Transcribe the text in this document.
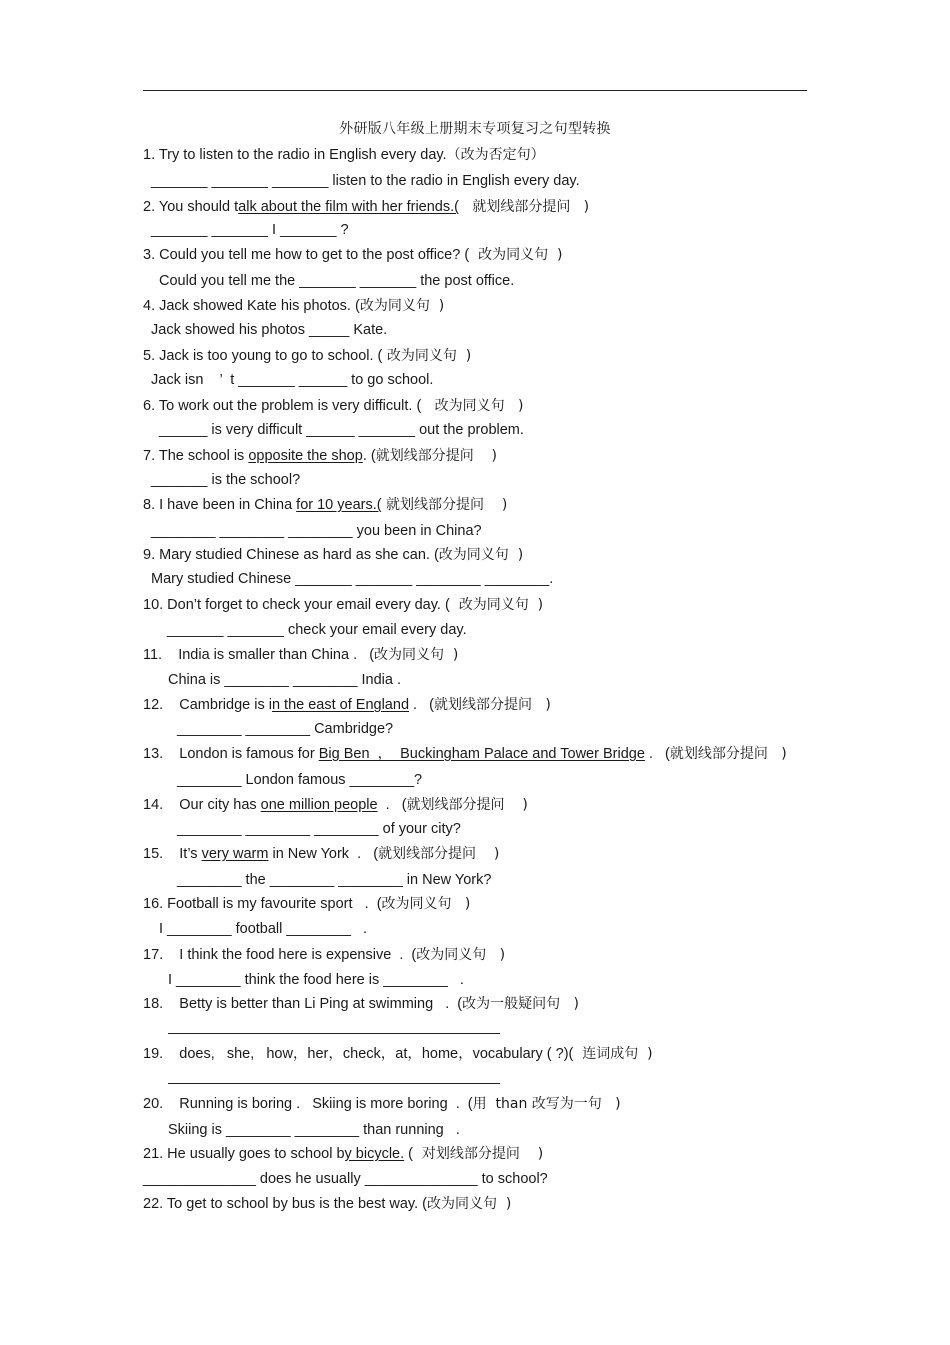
外研版八年级上册期末专项复习之句型转换
1. Try to listen to the radio in English every day.（改为否定句）
_______ _______ _______ listen to the radio in English every day.
2. You should talk about the film with her friends.(   就划线部分提问   )
_______ _______ I _______ ?
3. Could you tell me how to get to the post office? (  改为同义句  )
Could you tell me the _______ _______ the post office.
4. Jack showed Kate his photos. (改为同义句  )
Jack showed his photos _____ Kate.
5. Jack is too young to go to school. ( 改为同义句  )
Jack isn    ’  t _______ ______ to go school.
6. To work out the problem is very difficult. (   改为同义句   )
______ is very difficult ______ _______ out the problem.
7. The school is opposite the shop. (就划线部分提问    )
_______ is the school?
8. I have been in China for 10 years.( 就划线部分提问    )
________ ________ ________ you been in China?
9. Mary studied Chinese as hard as she can. (改为同义句  )
Mary studied Chinese _______ _______ ________ ________.
10. Don’t forget to check your email every day. (  改为同义句  )
_______ _______ check your email every day.
11.    India is smaller than China .   (改为同义句  )
China is ________ ________ India .
12.    Cambridge is in the east of England .   (就划线部分提问   )
________ ________ Cambridge?
13.    London is famous for Big Ben  ，  Buckingham Palace and Tower Bridge .   (就划线部分提问   )
________ London famous ________?
14.    Our city has one million people  .   (就划线部分提问    )
________ ________ ________ of your city?
15.    It’s very warm in New York  .   (就划线部分提问    )
________ the ________ ________ in New York?
16. Football is my favourite sport   .  (改为同义句   )
I ________ football ________   .
17.    I think the food here is expensive  .  (改为同义句   )
I ________ think the food here is ________   .
18.    Betty is better than Li Ping at swimming   .  (改为一般疑问句   )
19.    does,   she,   how，her，check，at，home，vocabulary ( ?)(  连词成句  )
20.    Running is boring .   Skiing is more boring  .  (用  than 改写为一句   )
Skiing is ________ ________ than running   .
21. He usually goes to school by bicycle. (  对划线部分提问    )
______________ does he usually ______________ to school?
22. To get to school by bus is the best way. (改为同义句  )
